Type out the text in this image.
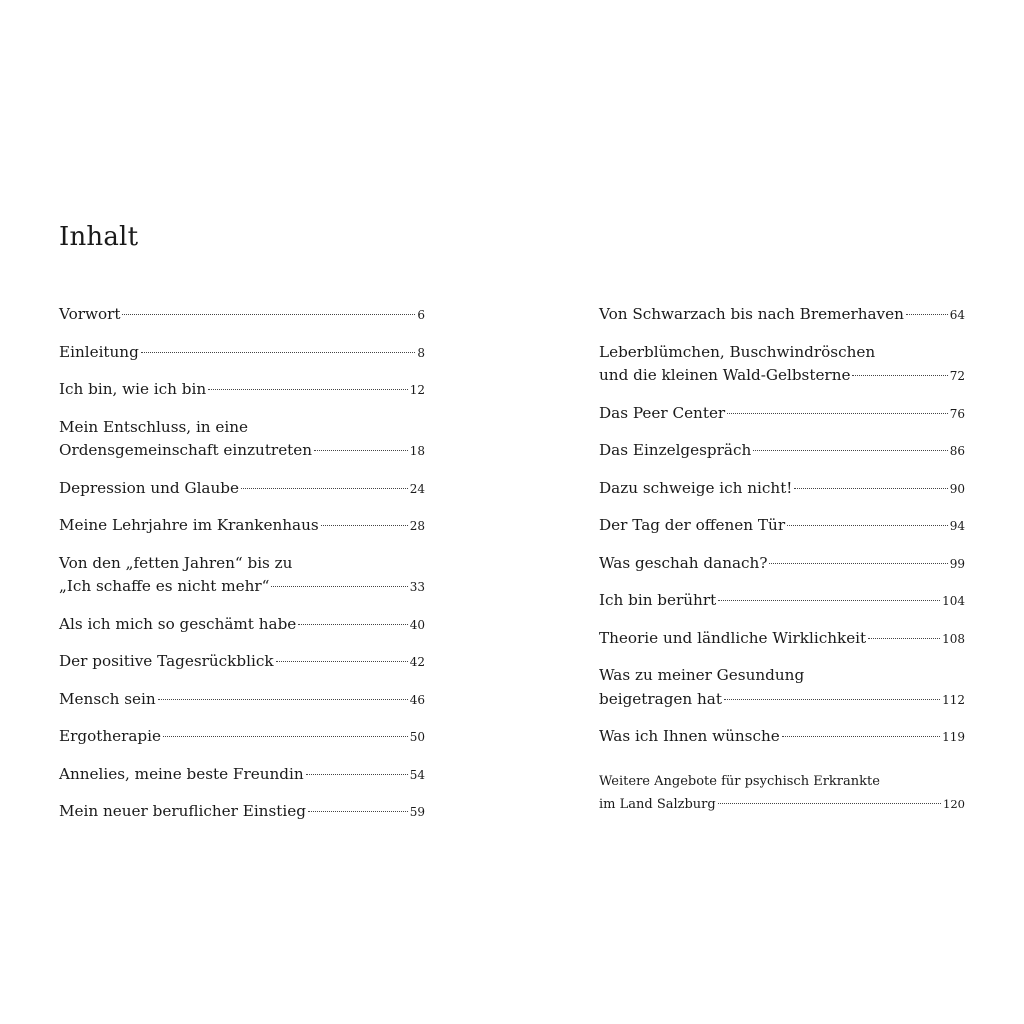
Inhalt
Vorwort	6
Einleitung	8
Ich bin, wie ich bin	12
Mein Entschluss, in eine
Ordensgemeinschaft einzutreten	18
Depression und Glaube	24
Meine Lehrjahre im Krankenhaus	28
Von den „fetten Jahren“ bis zu
„Ich schaffe es nicht mehr“	33
Als ich mich so geschämt habe	40
Der positive Tagesrückblick	42
Mensch sein	46
Ergotherapie	50
Annelies, meine beste Freundin	54
Mein neuer beruflicher Einstieg	59
Von Schwarzach bis nach Bremerhaven	64
Leberblümchen, Buschwindröschen
und die kleinen Wald-Gelbsterne	72
Das Peer Center	76
Das Einzelgespräch	86
Dazu schweige ich nicht!	90
Der Tag der offenen Tür	94
Was geschah danach?	99
Ich bin berührt	104
Theorie und ländliche Wirklichkeit	108
Was zu meiner Gesundung
beigetragen hat	112
Was ich Ihnen wünsche	119
Weitere Angebote für psychisch Erkrankte
im Land Salzburg	120
